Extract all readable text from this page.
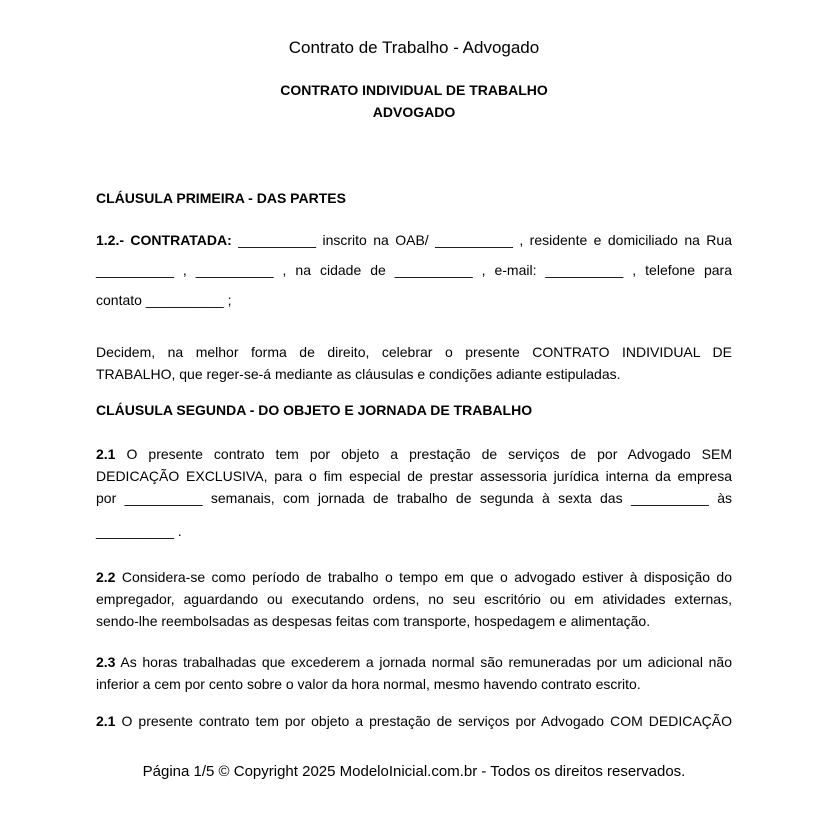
Contrato de Trabalho - Advogado
CONTRATO INDIVIDUAL DE TRABALHO
ADVOGADO
CLÁUSULA PRIMEIRA - DAS PARTES

1.2.- CONTRATADA: __________ inscrito na OAB/ __________ , residente e domiciliado na Rua
__________ , __________ , na cidade de __________ , e-mail: __________ , telefone para
contato __________ ;

Decidem, na melhor forma de direito, celebrar o presente CONTRATO INDIVIDUAL DE
TRABALHO, que reger-se-á mediante as cláusulas e condições adiante estipuladas.

CLÁUSULA SEGUNDA - DO OBJETO E JORNADA DE TRABALHO

2.1 O presente contrato tem por objeto a prestação de serviços de por Advogado SEM
DEDICAÇÃO EXCLUSIVA, para o fim especial de prestar assessoria jurídica interna da empresa
por __________ semanais, com jornada de trabalho de segunda à sexta das __________ às
__________ .

2.2 Considera-se como período de trabalho o tempo em que o advogado estiver à disposição do
empregador, aguardando ou executando ordens, no seu escritório ou em atividades externas,
sendo-lhe reembolsadas as despesas feitas com transporte, hospedagem e alimentação.

2.3 As horas trabalhadas que excederem a jornada normal são remuneradas por um adicional não
inferior a cem por cento sobre o valor da hora normal, mesmo havendo contrato escrito.

2.1 O presente contrato tem por objeto a prestação de serviços por Advogado COM DEDICAÇÃO

Página 1/5 © Copyright 2025 ModeloInicial.com.br - Todos os direitos reservados.
